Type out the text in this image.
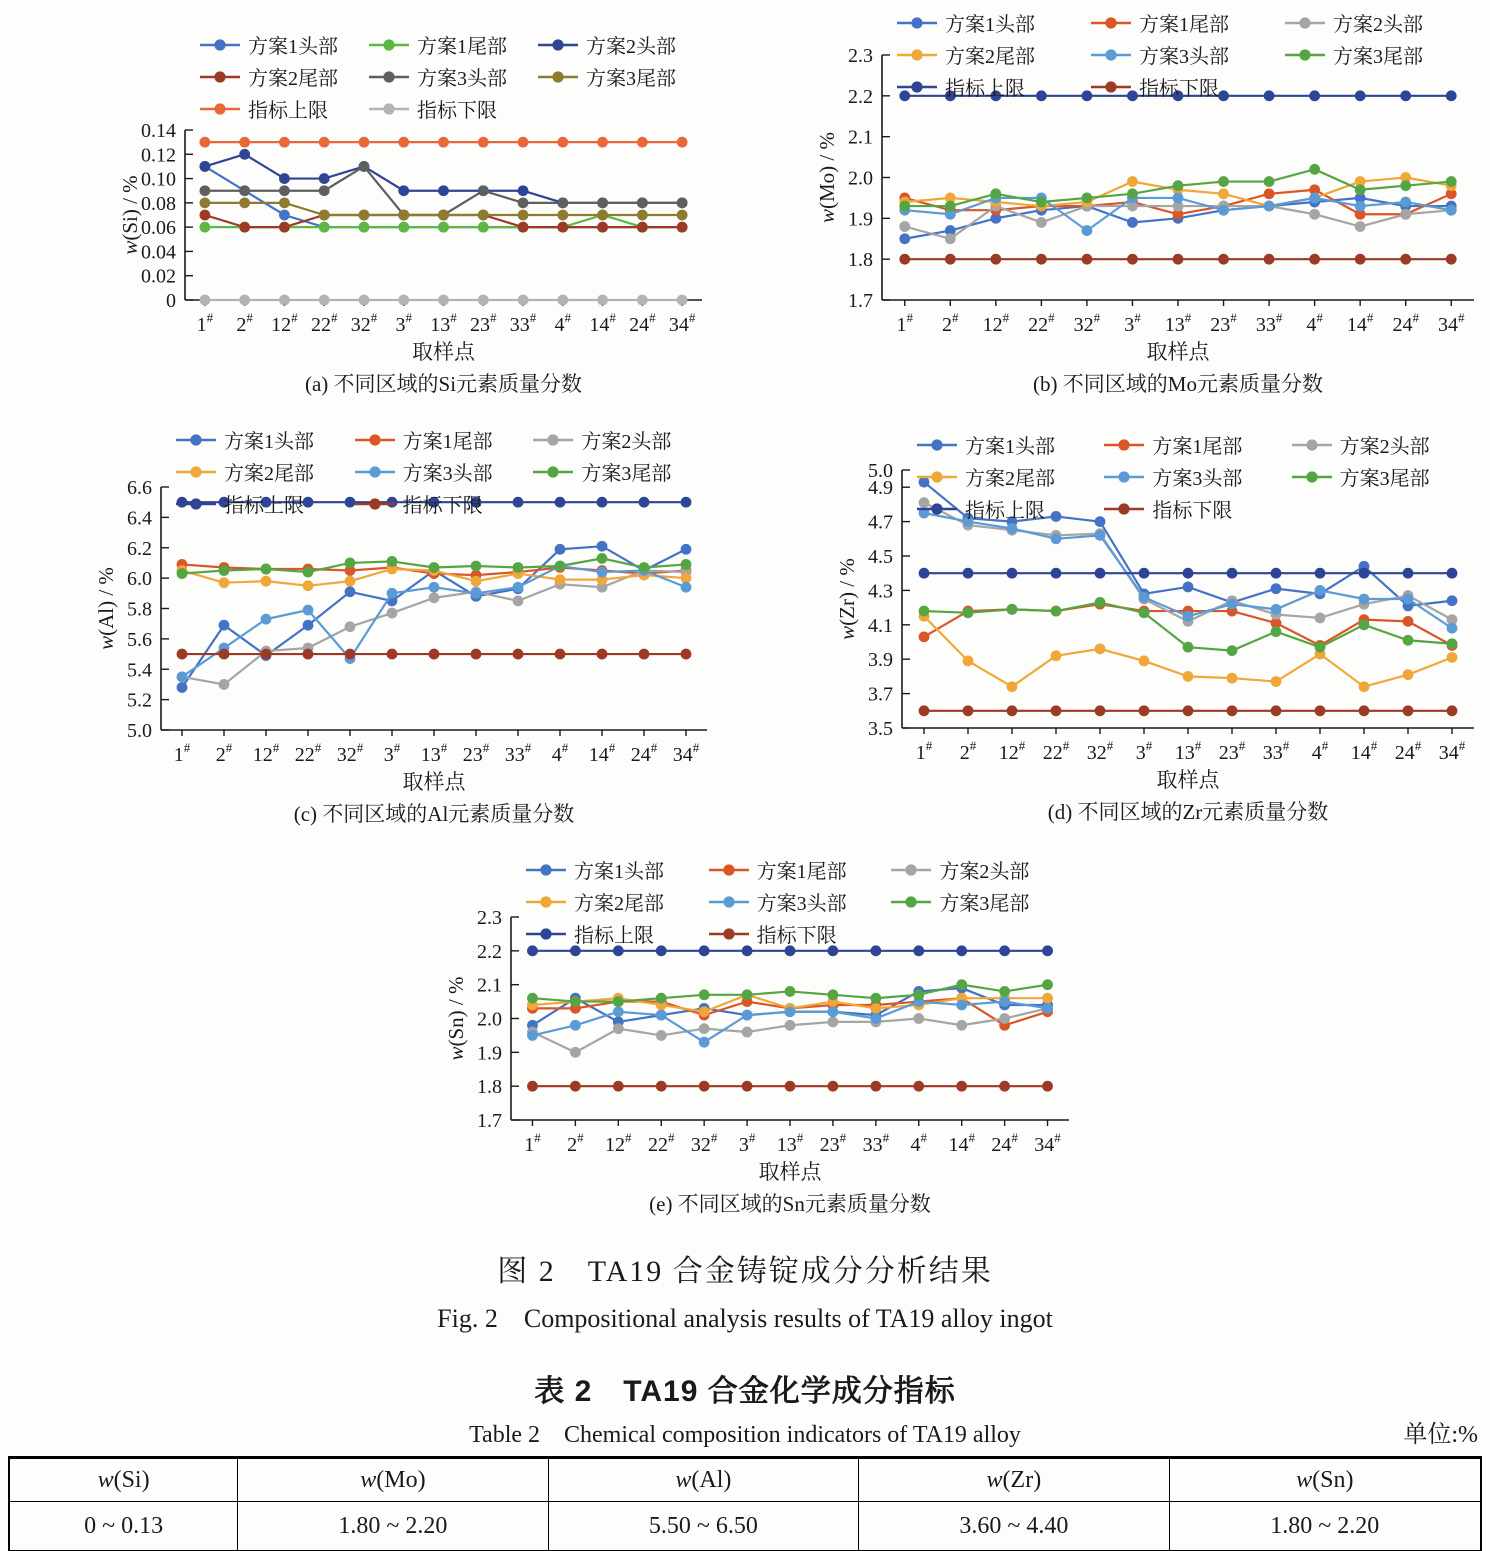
方案1头部	方案1尾部	方案2头部
方案2尾部	方案3头部	方案3尾部
指标上限	指标下限
0
0.02
0.04
0.06
0.08
0.10
0.12
0.14
1# 2# 12# 22# 32# 3# 13# 23# 33# 4# 14# 24# 34#
w(Si) / %
取样点
(a) 不同区域的Si元素质量分数
方案1头部	方案1尾部	方案2头部
方案2尾部	方案3头部	方案3尾部
指标上限	指标下限
1.7
1.8
1.9
2.0
2.1
2.2
2.3
1# 2# 12# 22# 32# 3# 13# 23# 33# 4# 14# 24# 34#
w(Mo) / %
取样点
(b) 不同区域的Mo元素质量分数
方案1头部	方案1尾部	方案2头部
方案2尾部	方案3头部	方案3尾部
指标上限	指标下限
5.0
5.2
5.4
5.6
5.8
6.0
6.2
6.4
6.6
1# 2# 12# 22# 32# 3# 13# 23# 33# 4# 14# 24# 34#
w(Al) / %
取样点
(c) 不同区域的Al元素质量分数
方案1头部	方案1尾部	方案2头部
方案2尾部	方案3头部	方案3尾部
指标上限	指标下限
3.5
3.7
3.9
4.1
4.3
4.5
4.7
4.9
5.0
1# 2# 12# 22# 32# 3# 13# 23# 33# 4# 14# 24# 34#
w(Zr) / %
取样点
(d) 不同区域的Zr元素质量分数
方案1头部	方案1尾部	方案2头部
方案2尾部	方案3头部	方案3尾部
指标上限	指标下限
1.7
1.8
1.9
2.0
2.1
2.2
2.3
1# 2# 12# 22# 32# 3# 13# 23# 33# 4# 14# 24# 34#
w(Sn) / %
取样点
(e) 不同区域的Sn元素质量分数
图 2　TA19 合金铸锭成分分析结果
Fig. 2　Compositional analysis results of TA19 alloy ingot
表 2　TA19 合金化学成分指标
Table 2　Chemical composition indicators of TA19 alloy	单位:%
w(Si)	w(Mo)	w(Al)	w(Zr)	w(Sn)
0 ~ 0.13	1.80 ~ 2.20	5.50 ~ 6.50	3.60 ~ 4.40	1.80 ~ 2.20
